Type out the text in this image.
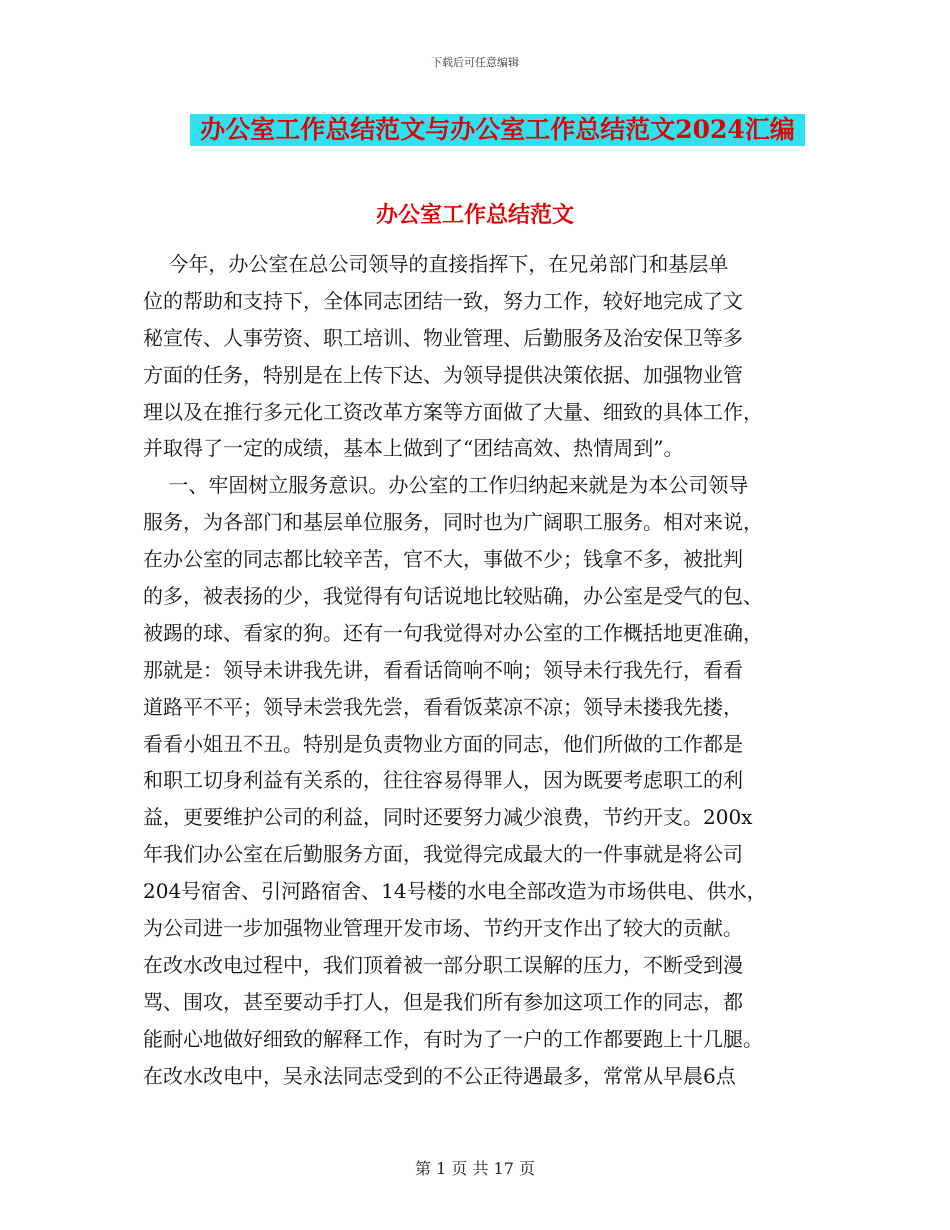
下载后可任意编辑
办公室工作总结范文与办公室工作总结范文2024汇编
办公室工作总结范文
今年，办公室在总公司领导的直接指挥下，在兄弟部门和基层单
位的帮助和支持下，全体同志团结一致，努力工作，较好地完成了文
秘宣传、人事劳资、职工培训、物业管理、后勤服务及治安保卫等多
方面的任务，特别是在上传下达、为领导提供决策依据、加强物业管
理以及在推行多元化工资改革方案等方面做了大量、细致的具体工作，
并取得了一定的成绩，基本上做到了“团结高效、热情周到”。
一、牢固树立服务意识。办公室的工作归纳起来就是为本公司领导
服务，为各部门和基层单位服务，同时也为广阔职工服务。相对来说，
在办公室的同志都比较辛苦，官不大，事做不少；钱拿不多，被批判
的多，被表扬的少，我觉得有句话说地比较贴确，办公室是受气的包、
被踢的球、看家的狗。还有一句我觉得对办公室的工作概括地更准确，
那就是：领导未讲我先讲，看看话筒响不响；领导未行我先行，看看
道路平不平；领导未尝我先尝，看看饭菜凉不凉；领导未搂我先搂，
看看小姐丑不丑。特别是负责物业方面的同志，他们所做的工作都是
和职工切身利益有关系的，往往容易得罪人，因为既要考虑职工的利
益，更要维护公司的利益，同时还要努力减少浪费，节约开支。200x
年我们办公室在后勤服务方面，我觉得完成最大的一件事就是将公司
204号宿舍、引河路宿舍、14号楼的水电全部改造为市场供电、供水，
为公司进一步加强物业管理开发市场、节约开支作出了较大的贡献。
在改水改电过程中，我们顶着被一部分职工误解的压力，不断受到漫
骂、围攻，甚至要动手打人，但是我们所有参加这项工作的同志，都
能耐心地做好细致的解释工作，有时为了一户的工作都要跑上十几腿。
在改水改电中，吴永法同志受到的不公正待遇最多，常常从早晨6点
第 1 页 共 17 页
